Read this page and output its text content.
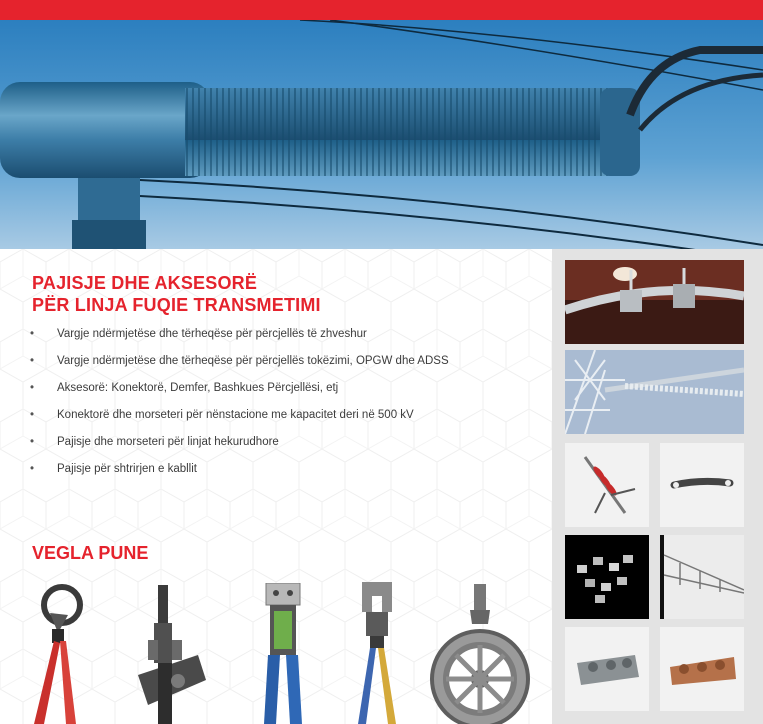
PAJISJE DHE AKSESORË
PËR LINJA FUQIE TRANSMETIMI
• Vargje ndërmjetëse dhe tërheqëse për përcjellës të zhveshur
• Vargje ndërmjetëse dhe tërheqëse për përcjellës tokëzimi, OPGW dhe ADSS
• Aksesorë: Konektorë, Demfer, Bashkues Përcjellësi, etj
• Konektorë dhe morseteri për nënstacione me kapacitet deri në 500 kV
• Pajisje dhe morseteri për linjat hekurudhore
• Pajisje për shtrirjen e kabllit
VEGLA PUNE
